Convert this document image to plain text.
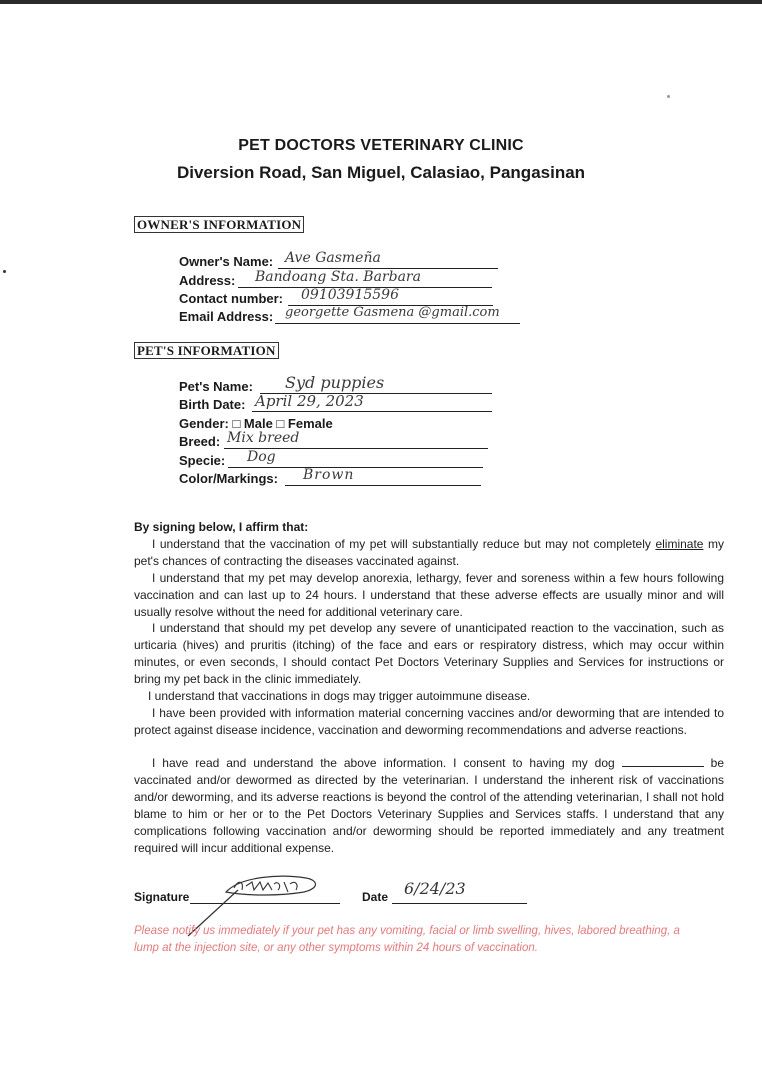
PET DOCTORS VETERINARY CLINIC
Diversion Road, San Miguel, Calasiao, Pangasinan
OWNER'S INFORMATION
Owner's Name: Ave Gasmeña
Address: Bandoang Sta. Barbara
Contact number: 09103915596
Email Address: georgette Gasmena @gmail.com
PET'S INFORMATION
Pet's Name: Syd puppies
Birth Date: April 29, 2023
Gender: □ Male □ Female
Breed: Mix breed
Specie: Dog
Color/Markings: Brown
By signing below, I affirm that:
I understand that the vaccination of my pet will substantially reduce but may not completely eliminate my pet's chances of contracting the diseases vaccinated against.
I understand that my pet may develop anorexia, lethargy, fever and soreness within a few hours following vaccination and can last up to 24 hours. I understand that these adverse effects are usually minor and will usually resolve without the need for additional veterinary care.
I understand that should my pet develop any severe of unanticipated reaction to the vaccination, such as urticaria (hives) and pruritis (itching) of the face and ears or respiratory distress, which may occur within minutes, or even seconds, I should contact Pet Doctors Veterinary Supplies and Services for instructions or bring my pet back in the clinic immediately.
I understand that vaccinations in dogs may trigger autoimmune disease.
I have been provided with information material concerning vaccines and/or deworming that are intended to protect against disease incidence, vaccination and deworming recommendations and adverse reactions.
I have read and understand the above information. I consent to having my dog	be vaccinated and/or dewormed as directed by the veterinarian. I understand the inherent risk of vaccinations and/or deworming, and its adverse reactions is beyond the control of the attending veterinarian, I shall not hold blame to him or her or to the Pet Doctors Veterinary Supplies and Services staffs. I understand that any complications following vaccination and/or deworming should be reported immediately and any treatment required will incur additional expense.
Signature	Date 6/24/23
Please notify us immediately if your pet has any vomiting, facial or limb swelling, hives, labored breathing, a lump at the injection site, or any other symptoms within 24 hours of vaccination.
